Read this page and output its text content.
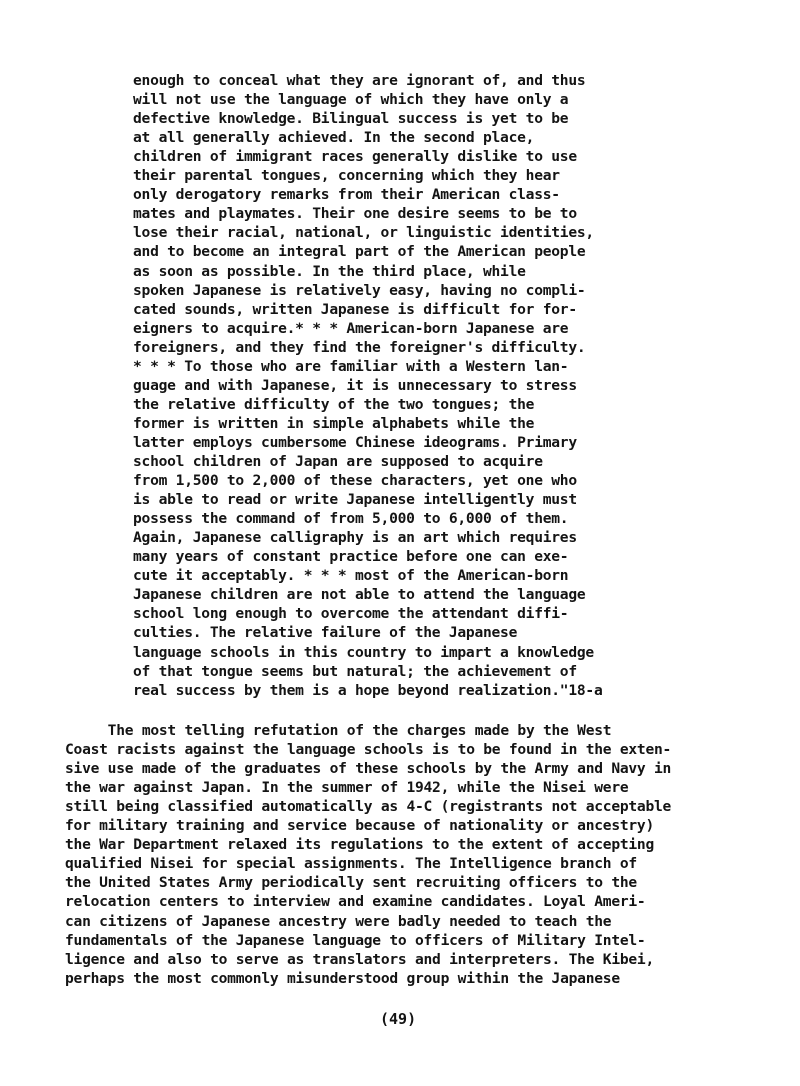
enough to conceal what they are ignorant of, and thus
will not use the language of which they have only a
defective knowledge. Bilingual success is yet to be
at all generally achieved. In the second place,
children of immigrant races generally dislike to use
their parental tongues, concerning which they hear
only derogatory remarks from their American class-
mates and playmates. Their one desire seems to be to
lose their racial, national, or linguistic identities,
and to become an integral part of the American people
as soon as possible. In the third place, while
spoken Japanese is relatively easy, having no compli-
cated sounds, written Japanese is difficult for for-
eigners to acquire.* * * American-born Japanese are
foreigners, and they find the foreigner's difficulty.
* * * To those who are familiar with a Western lan-
guage and with Japanese, it is unnecessary to stress
the relative difficulty of the two tongues; the
former is written in simple alphabets while the
latter employs cumbersome Chinese ideograms. Primary
school children of Japan are supposed to acquire
from 1,500 to 2,000 of these characters, yet one who
is able to read or write Japanese intelligently must
possess the command of from 5,000 to 6,000 of them.
Again, Japanese calligraphy is an art which requires
many years of constant practice before one can exe-
cute it acceptably. * * * most of the American-born
Japanese children are not able to attend the language
school long enough to overcome the attendant diffi-
culties. The relative failure of the Japanese
language schools in this country to impart a knowledge
of that tongue seems but natural; the achievement of
real success by them is a hope beyond realization."18-a
The most telling refutation of the charges made by the West
Coast racists against the language schools is to be found in the exten-
sive use made of the graduates of these schools by the Army and Navy in
the war against Japan. In the summer of 1942, while the Nisei were
still being classified automatically as 4-C (registrants not acceptable
for military training and service because of nationality or ancestry)
the War Department relaxed its regulations to the extent of accepting
qualified Nisei for special assignments. The Intelligence branch of
the United States Army periodically sent recruiting officers to the
relocation centers to interview and examine candidates. Loyal Ameri-
can citizens of Japanese ancestry were badly needed to teach the
fundamentals of the Japanese language to officers of Military Intel-
ligence and also to serve as translators and interpreters. The Kibei,
perhaps the most commonly misunderstood group within the Japanese
(49)
